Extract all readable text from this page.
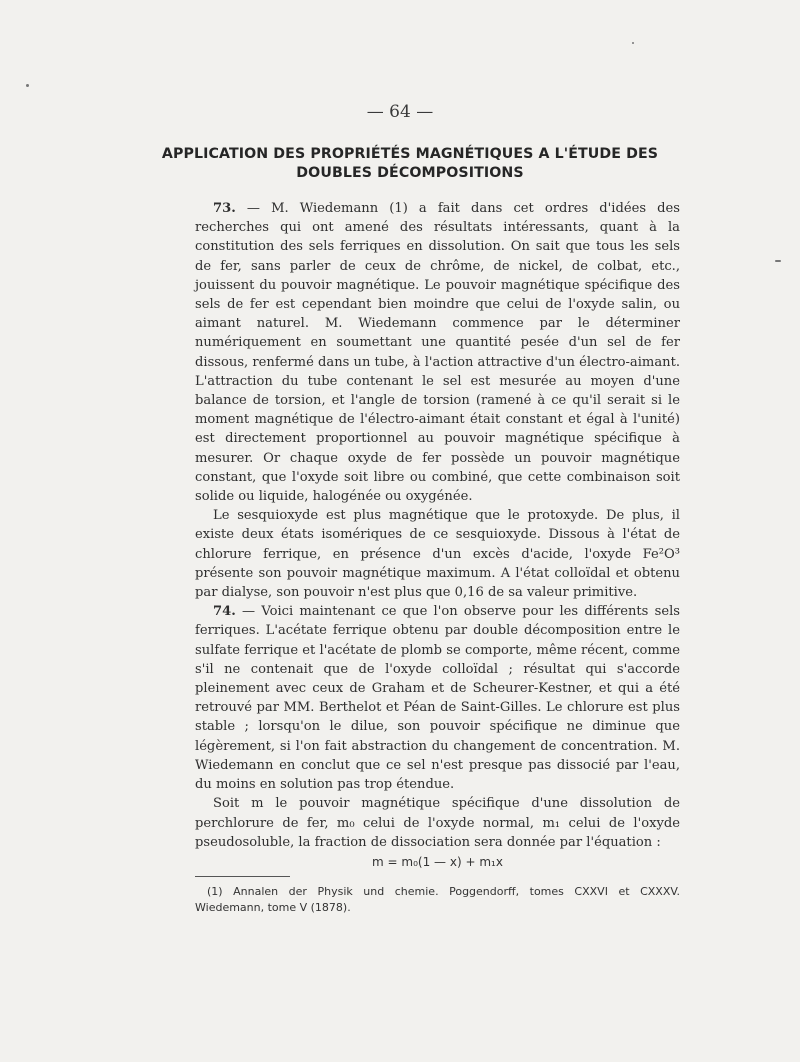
— 64 —
APPLICATION DES PROPRIÉTÉS MAGNÉTIQUES A L'ÉTUDE DES DOUBLES DÉCOMPOSITIONS

73. — M. Wiedemann (1) a fait dans cet ordres d'idées des recherches qui ont amené des résultats intéressants, quant à la constitution des sels ferriques en dissolution. On sait que tous les sels de fer, sans parler de ceux de chrôme, de nickel, de colbat, etc., jouissent du pouvoir magnétique. Le pouvoir magnétique spécifique des sels de fer est cependant bien moindre que celui de l'oxyde salin, ou aimant naturel. M. Wiedemann commence par le déterminer numériquement en soumettant une quantité pesée d'un sel de fer dissous, renfermé dans un tube, à l'action attractive d'un électro-aimant. L'attraction du tube contenant le sel est mesurée au moyen d'une balance de torsion, et l'angle de torsion (ramené à ce qu'il serait si le moment magnétique de l'électro-aimant était constant et égal à l'unité) est directement proportionnel au pouvoir magnétique spécifique à mesurer. Or chaque oxyde de fer possède un pouvoir magnétique constant, que l'oxyde soit libre ou combiné, que cette combinaison soit solide ou liquide, halogénée ou oxygénée.

Le sesquioxyde est plus magnétique que le protoxyde. De plus, il existe deux états isomériques de ce sesquioxyde. Dissous à l'état de chlorure ferrique, en présence d'un excès d'acide, l'oxyde Fe²O³ présente son pouvoir magnétique maximum. A l'état colloïdal et obtenu par dialyse, son pouvoir n'est plus que 0,16 de sa valeur primitive.

74. — Voici maintenant ce que l'on observe pour les différents sels ferriques. L'acétate ferrique obtenu par double décomposition entre le sulfate ferrique et l'acétate de plomb se comporte, même récent, comme s'il ne contenait que de l'oxyde colloïdal ; résultat qui s'accorde pleinement avec ceux de Graham et de Scheurer-Kestner, et qui a été retrouvé par MM. Berthelot et Péan de Saint-Gilles. Le chlorure est plus stable ; lorsqu'on le dilue, son pouvoir spécifique ne diminue que légèrement, si l'on fait abstraction du changement de concentration. M. Wiedemann en conclut que ce sel n'est presque pas dissocié par l'eau, du moins en solution pas trop étendue.

Soit m le pouvoir magnétique spécifique d'une dissolution de perchlorure de fer, m₀ celui de l'oxyde normal, m₁ celui de l'oxyde pseudosoluble, la fraction de dissociation sera donnée par l'équation :

m = m₀(1 — x) + m₁x
(1) Annalen der Physik und chemie. Poggendorff, tomes CXXVI et CXXXV. Wiedemann, tome V (1878).
